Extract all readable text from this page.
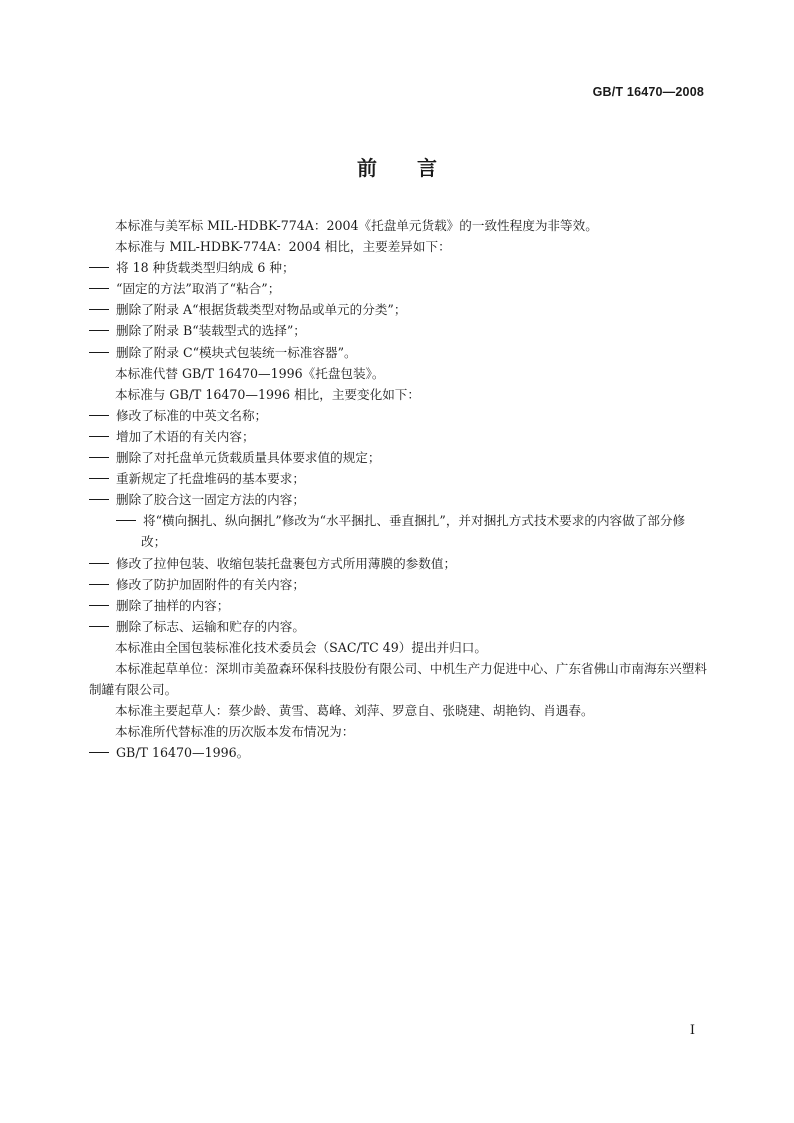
GB/T 16470—2008
前言
本标准与美军标 MIL-HDBK-774A：2004《托盘单元货载》的一致性程度为非等效。
本标准与 MIL-HDBK-774A：2004 相比，主要差异如下：
将 18 种货载类型归纳成 6 种；
“固定的方法”取消了“粘合”；
删除了附录 A“根据货载类型对物品或单元的分类”；
删除了附录 B“装载型式的选择”；
删除了附录 C“模块式包装统一标准容器”。
本标准代替 GB/T 16470—1996《托盘包装》。
本标准与 GB/T 16470—1996 相比，主要变化如下：
修改了标准的中英文名称；
增加了术语的有关内容；
删除了对托盘单元货载质量具体要求值的规定；
重新规定了托盘堆码的基本要求；
删除了胶合这一固定方法的内容；
将“横向捆扎、纵向捆扎”修改为“水平捆扎、垂直捆扎”，并对捆扎方式技术要求的内容做了部分修改；
修改了拉伸包装、收缩包装托盘裹包方式所用薄膜的参数值；
修改了防护加固附件的有关内容；
删除了抽样的内容；
删除了标志、运输和贮存的内容。
本标准由全国包装标准化技术委员会（SAC/TC 49）提出并归口。
本标准起草单位：深圳市美盈森环保科技股份有限公司、中机生产力促进中心、广东省佛山市南海东兴塑料制罐有限公司。
本标准主要起草人：蔡少龄、黄雪、葛峰、刘萍、罗意自、张晓建、胡艳钧、肖遇春。
本标准所代替标准的历次版本发布情况为：
GB/T 16470—1996。
I
